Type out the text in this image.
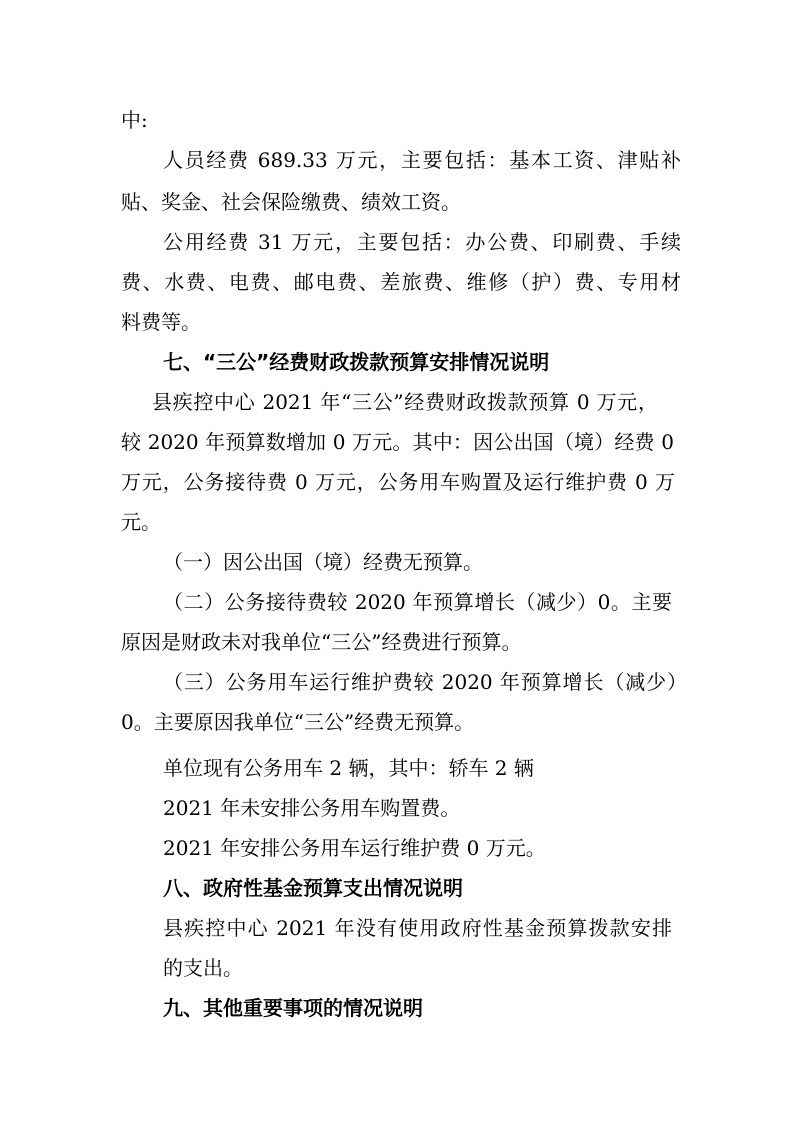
中:
人员经费 689.33 万元，主要包括：基本工资、津贴补
贴、奖金、社会保险缴费、绩效工资。
公用经费 31 万元，主要包括：办公费、印刷费、手续
费、水费、电费、邮电费、差旅费、维修（护）费、专用材
料费等。
七、“三公”经费财政拨款预算安排情况说明
县疾控中心 2021 年“三公”经费财政拨款预算 0 万元，
较 2020 年预算数增加 0 万元。其中：因公出国（境）经费 0
万元，公务接待费 0 万元，公务用车购置及运行维护费 0 万
元。
（一）因公出国（境）经费无预算。
（二）公务接待费较 2020 年预算增长（减少）0。主要
原因是财政未对我单位“三公”经费进行预算。
（三）公务用车运行维护费较 2020 年预算增长（减少）
0。主要原因我单位“三公”经费无预算。
单位现有公务用车 2 辆，其中：轿车 2 辆
2021 年未安排公务用车购置费。
2021 年安排公务用车运行维护费 0 万元。
八、政府性基金预算支出情况说明
县疾控中心 2021 年没有使用政府性基金预算拨款安排
的支出。
九、其他重要事项的情况说明
